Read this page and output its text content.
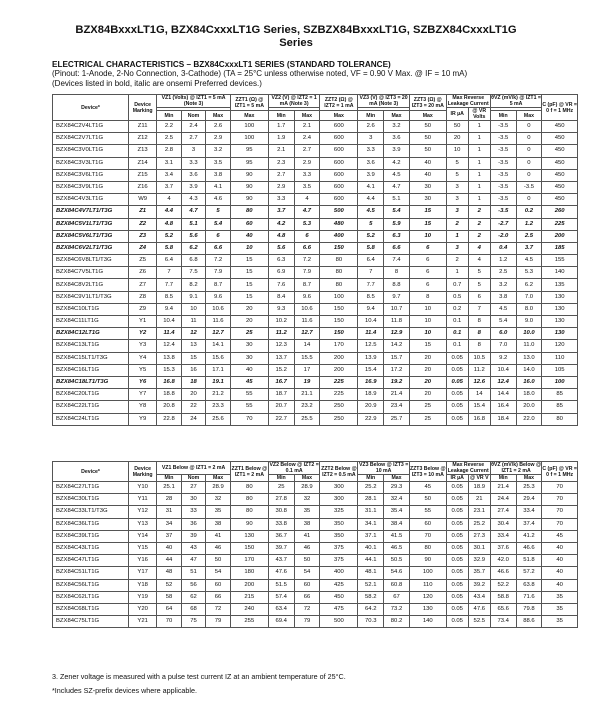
BZX84BxxxLT1G, BZX84CxxxLT1G Series, SZBZX84BxxxLT1G, SZBZX84CxxxLT1G
Series
ELECTRICAL CHARACTERISTICS – BZX84CxxxLT1 SERIES (STANDARD TOLERANCE)
(Pinout: 1-Anode, 2-No Connection, 3-Cathode) (TA = 25°C unless otherwise noted, VF = 0.90 V Max. @ IF = 10 mA)
(Devices listed in bold, italic are onsemi Preferred devices.)
Device*	Device Marking	VZ1 (Volts) @ IZT1 = 5 mA (Note 3)			ZZT1 (Ω) @ IZT1 = 5 mA	VZ2 (V) @ IZT2 = 1 mA (Note 3)		ZZT2 (Ω) @ IZT2 = 1 mA	VZ3 (V) @ IZT3 = 20 mA (Note 3)		ZZT3 (Ω) @ IZT3 = 20 mA	Max Reverse Leakage Current		θVZ (mV/k) @ IZT1 = 5 mA		C (pF) @ VR = 0 f = 1 MHz
												IR µA	@ VR Volts			
		Min	Nom	Max	Max	Min	Max	Max	Min	Max	Max			Min	Max	
BZX84C2V4LT1G	Z11	2.2	2.4	2.6	100	1.7	2.1	600	2.6	3.2	50	50	1	-3.5	0	450
BZX84C2V7LT1G	Z12	2.5	2.7	2.9	100	1.9	2.4	600	3	3.6	50	20	1	-3.5	0	450
BZX84C3V0LT1G	Z13	2.8	3	3.2	95	2.1	2.7	600	3.3	3.9	50	10	1	-3.5	0	450
BZX84C3V3LT1G	Z14	3.1	3.3	3.5	95	2.3	2.9	600	3.6	4.2	40	5	1	-3.5	0	450
BZX84C3V6LT1G	Z15	3.4	3.6	3.8	90	2.7	3.3	600	3.9	4.5	40	5	1	-3.5	0	450
BZX84C3V9LT1G	Z16	3.7	3.9	4.1	90	2.9	3.5	600	4.1	4.7	30	3	1	-3.5	-3.5	450
BZX84C4V3LT1G	W9	4	4.3	4.6	90	3.3	4	600	4.4	5.1	30	3	1	-3.5	0	450
BZX84C4V7LT1/T3G	Z1	4.4	4.7	5	80	3.7	4.7	500	4.5	5.4	15	3	2	-3.5	0.2	260
BZX84C5V1LT1/T3G	Z2	4.8	5.1	5.4	60	4.2	5.3	480	5	5.9	15	2	2	-2.7	1.2	225
BZX84C5V6LT1/T3G	Z3	5.2	5.6	6	40	4.8	6	400	5.2	6.3	10	1	2	-2.0	2.5	200
BZX84C6V2LT1/T3G	Z4	5.8	6.2	6.6	10	5.6	6.6	150	5.8	6.6	6	3	4	0.4	3.7	185
BZX84C6V8LT1/T3G	Z5	6.4	6.8	7.2	15	6.3	7.2	80	6.4	7.4	6	2	4	1.2	4.5	155
BZX84C7V5LT1G	Z6	7	7.5	7.9	15	6.9	7.9	80	7	8	6	1	5	2.5	5.3	140
BZX84C8V2LT1G	Z7	7.7	8.2	8.7	15	7.6	8.7	80	7.7	8.8	6	0.7	5	3.2	6.2	135
BZX84C9V1LT1/T3G	Z8	8.5	9.1	9.6	15	8.4	9.6	100	8.5	9.7	8	0.5	6	3.8	7.0	130
BZX84C10LT1G	Z9	9.4	10	10.6	20	9.3	10.6	150	9.4	10.7	10	0.2	7	4.5	8.0	130
BZX84C11LT1G	Y1	10.4	11	11.6	20	10.2	11.6	150	10.4	11.8	10	0.1	8	5.4	9.0	130
BZX84C12LT1G	Y2	11.4	12	12.7	25	11.2	12.7	150	11.4	12.9	10	0.1	8	6.0	10.0	130
BZX84C13LT1G	Y3	12.4	13	14.1	30	12.3	14	170	12.5	14.2	15	0.1	8	7.0	11.0	120
BZX84C15LT1/T3G	Y4	13.8	15	15.6	30	13.7	15.5	200	13.9	15.7	20	0.05	10.5	9.2	13.0	110
BZX84C16LT1G	Y5	15.3	16	17.1	40	15.2	17	200	15.4	17.2	20	0.05	11.2	10.4	14.0	105
BZX84C18LT1/T3G	Y6	16.8	18	19.1	45	16.7	19	225	16.9	19.2	20	0.05	12.6	12.4	16.0	100
BZX84C20LT1G	Y7	18.8	20	21.2	55	18.7	21.1	225	18.9	21.4	20	0.05	14	14.4	18.0	85
BZX84C22LT1G	Y8	20.8	22	23.3	55	20.7	23.2	250	20.9	23.4	25	0.05	15.4	16.4	20.0	85
BZX84C24LT1G	Y9	22.8	24	25.6	70	22.7	25.5	250	22.9	25.7	25	0.05	16.8	18.4	22.0	80
Device*	Device Marking	VZ1 Below @ IZT1 = 2 mA			ZZT1 Below @ IZT1 = 2 mA	VZ2 Below @ IZT2 = 0.1 mA		ZZT2 Below @ IZT2 = 0.5 mA	VZ3 Below @ IZT3 = 10 mA		ZZT3 Below @ IZT3 = 10 mA	Max Reverse Leakage Current		θVZ (mV/k) Below @ IZT1 = 2 mA		C (pF) @ VR = 0 f = 1 MHz
		Min	Nom	Max		Min	Max		Min	Max		IR µA	@ VR V	Min	Max	
BZX84C27LT1G	Y10	25.1	27	28.9	80	25	28.9	300	25.2	29.3	45	0.05	18.9	21.4	25.3	70
BZX84C30LT1G	Y11	28	30	32	80	27.8	32	300	28.1	32.4	50	0.05	21	24.4	29.4	70
BZX84C33LT1/T3G	Y12	31	33	35	80	30.8	35	325	31.1	35.4	55	0.05	23.1	27.4	33.4	70
BZX84C36LT1G	Y13	34	36	38	90	33.8	38	350	34.1	38.4	60	0.05	25.2	30.4	37.4	70
BZX84C39LT1G	Y14	37	39	41	130	36.7	41	350	37.1	41.5	70	0.05	27.3	33.4	41.2	45
BZX84C43LT1G	Y15	40	43	46	150	39.7	46	375	40.1	46.5	80	0.05	30.1	37.6	46.6	40
BZX84C47LT1G	Y16	44	47	50	170	43.7	50	375	44.1	50.5	90	0.05	32.9	42.0	51.8	40
BZX84C51LT1G	Y17	48	51	54	180	47.6	54	400	48.1	54.6	100	0.05	35.7	46.6	57.2	40
BZX84C56LT1G	Y18	52	56	60	200	51.5	60	425	52.1	60.8	110	0.05	39.2	52.2	63.8	40
BZX84C62LT1G	Y19	58	62	66	215	57.4	66	450	58.2	67	120	0.05	43.4	58.8	71.6	35
BZX84C68LT1G	Y20	64	68	72	240	63.4	72	475	64.2	73.2	130	0.05	47.6	65.6	79.8	35
BZX84C75LT1G	Y21	70	75	79	255	69.4	79	500	70.3	80.2	140	0.05	52.5	73.4	88.6	35
3. Zener voltage is measured with a pulse test current IZ at an ambient temperature of 25°C.
*Includes SZ-prefix devices where applicable.
